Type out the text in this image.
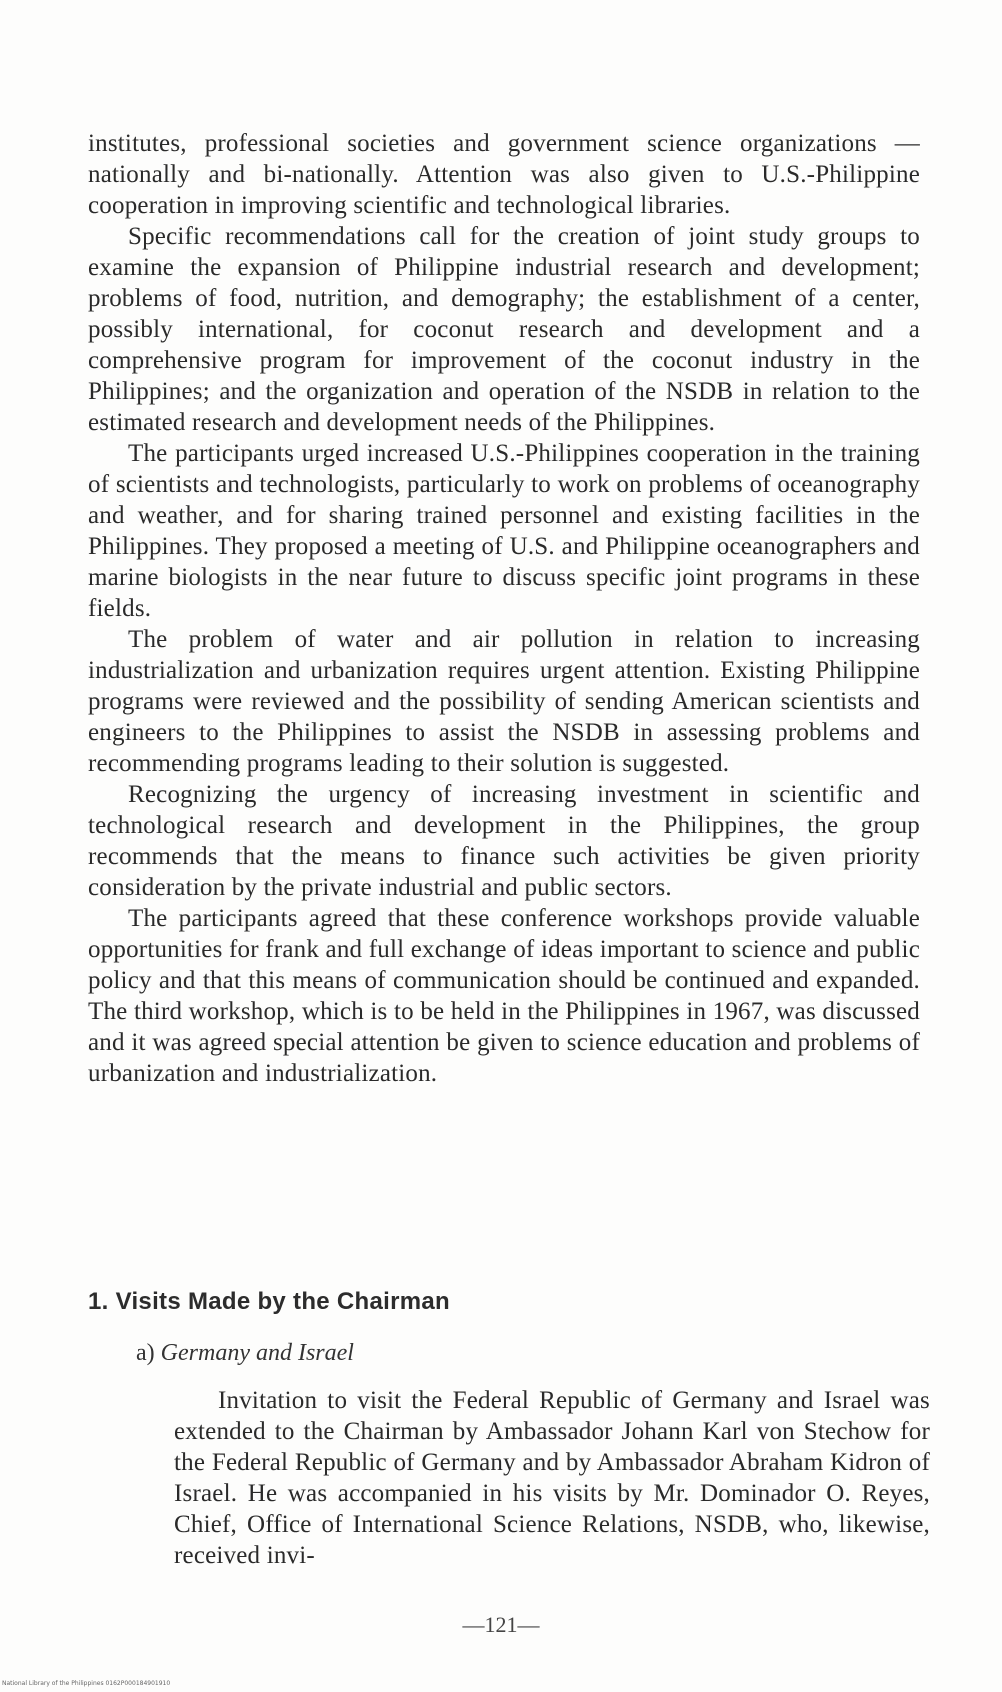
institutes, professional societies and government science organizations — nationally and bi-nationally. Attention was also given to U.S.-Philippine cooperation in improving scientific and technological libraries.

Specific recommendations call for the creation of joint study groups to examine the expansion of Philippine industrial research and development; problems of food, nutrition, and demography; the establishment of a center, possibly international, for coconut research and development and a comprehensive program for improvement of the coconut industry in the Philippines; and the organization and operation of the NSDB in relation to the estimated research and development needs of the Philippines.

The participants urged increased U.S.-Philippines cooperation in the training of scientists and technologists, particularly to work on problems of oceanography and weather, and for sharing trained personnel and existing facilities in the Philippines. They proposed a meeting of U.S. and Philippine oceanographers and marine biologists in the near future to discuss specific joint programs in these fields.

The problem of water and air pollution in relation to increasing industrialization and urbanization requires urgent attention. Existing Philippine programs were reviewed and the possibility of sending American scientists and engineers to the Philippines to assist the NSDB in assessing problems and recommending programs leading to their solution is suggested.

Recognizing the urgency of increasing investment in scientific and technological research and development in the Philippines, the group recommends that the means to finance such activities be given priority consideration by the private industrial and public sectors.

The participants agreed that these conference workshops provide valuable opportunities for frank and full exchange of ideas important to science and public policy and that this means of communication should be continued and expanded. The third workshop, which is to be held in the Philippines in 1967, was discussed and it was agreed special attention be given to science education and problems of urbanization and industrialization.

1. Visits Made by the Chairman
a) Germany and Israel

Invitation to visit the Federal Republic of Germany and Israel was extended to the Chairman by Ambassador Johann Karl von Stechow for the Federal Republic of Germany and by Ambassador Abraham Kidron of Israel. He was accompanied in his visits by Mr. Dominador O. Reyes, Chief, Office of International Science Relations, NSDB, who, likewise, received invi-

—121—
National Library of the Philippines 0162P000184901910
